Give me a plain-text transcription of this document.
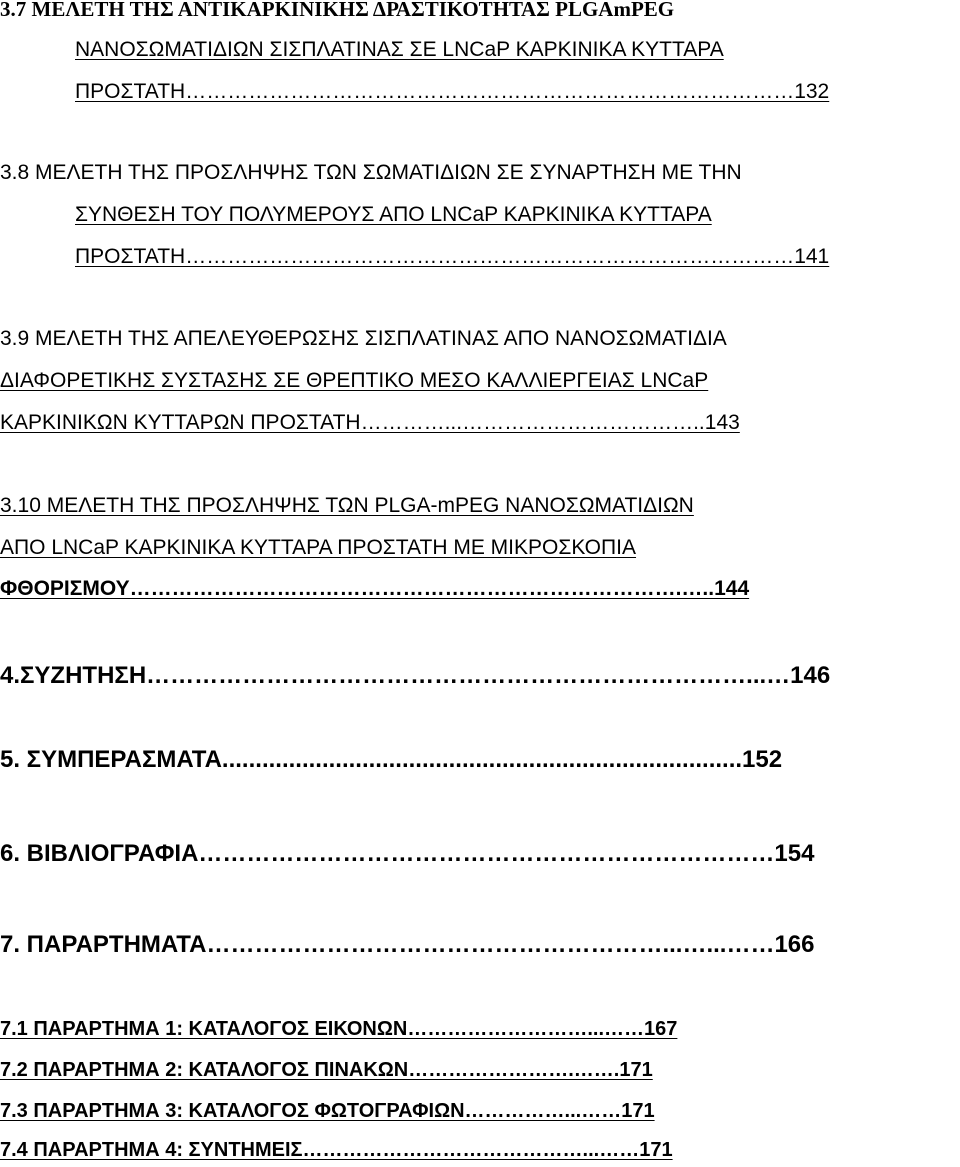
3.7 ΜΕΛΕΤΗ ΤΗΣ ΑΝΤΙΚΑΡΚΙΝΙΚΗΣ ΔΡΑΣΤΙΚΟΤΗΤΑΣ PLGAmPEG
ΝΑΝΟΣΩΜΑΤΙΔΙΩΝ ΣΙΣΠΛΑΤΙΝΑΣ ΣΕ LNCaP ΚΑΡΚΙΝΙΚΑ ΚΥΤΤΑΡΑ
ΠΡΟΣΤΑΤΗ……………………………………………………………………………132
3.8 ΜΕΛΕΤΗ ΤΗΣ ΠΡΟΣΛΗΨΗΣ ΤΩΝ ΣΩΜΑΤΙΔΙΩΝ ΣΕ ΣΥΝΑΡΤΗΣΗ ΜΕ ΤΗΝ
ΣΥΝΘΕΣΗ ΤΟΥ ΠΟΛΥΜΕΡΟΥΣ ΑΠΟ LNCaP ΚΑΡΚΙΝΙΚΑ ΚΥΤΤΑΡΑ
ΠΡΟΣΤΑΤΗ……………………………………………………………………………141
3.9 ΜΕΛΕΤΗ ΤΗΣ ΑΠΕΛΕΥΘΕΡΩΣΗΣ ΣΙΣΠΛΑΤΙΝΑΣ ΑΠΟ ΝΑΝΟΣΩΜΑΤΙΔΙΑ
ΔΙΑΦΟΡΕΤΙΚΗΣ ΣΥΣΤΑΣΗΣ ΣΕ ΘΡΕΠΤΙΚΟ ΜΕΣΟ ΚΑΛΛΙΕΡΓΕΙΑΣ LNCaP
ΚΑΡΚΙΝΙΚΩΝ ΚΥΤΤΑΡΩΝ ΠΡΟΣΤΑΤΗ…………...……………………………..143
3.10 ΜΕΛΕΤΗ ΤΗΣ ΠΡΟΣΛΗΨΗΣ ΤΩΝ PLGA-mPEG ΝΑΝΟΣΩΜΑΤΙΔΙΩΝ
ΑΠΟ LNCaP ΚΑΡΚΙΝΙΚΑ ΚΥΤΤΑΡΑ ΠΡΟΣΤΑΤΗ ΜΕ ΜΙΚΡΟΣΚΟΠΙΑ
ΦΘΟΡΙΣΜΟΥ…………………………………………………………………….…..144
4.ΣΥΖΗΤΗΣΗ…………………………………………………………………...…146
5. ΣΥΜΠΕΡΑΣΜΑΤΑ..............................................................................152
6. ΒΙΒΛΙΟΓΡΑΦΙΑ………………………………………………………………154
7. ΠΑΡΑΡΤΗΜΑΤΑ…………………………………………………...…...……166
7.1 ΠΑΡΑΡΤΗΜΑ 1: ΚΑΤΑΛΟΓΟΣ ΕΙΚΟΝΩΝ………………………...……167
7.2 ΠΑΡΑΡΤΗΜΑ 2: ΚΑΤΑΛΟΓΟΣ ΠΙΝΑΚΩΝ…………………….…….171
7.3 ΠΑΡΑΡΤΗΜΑ 3: ΚΑΤΑΛΟΓΟΣ ΦΩΤΟΓΡΑΦΙΩΝ……………...……171
7.4 ΠΑΡΑΡΤΗΜΑ 4: ΣΥΝΤΗΜΕΙΣ……………………………………...……171
